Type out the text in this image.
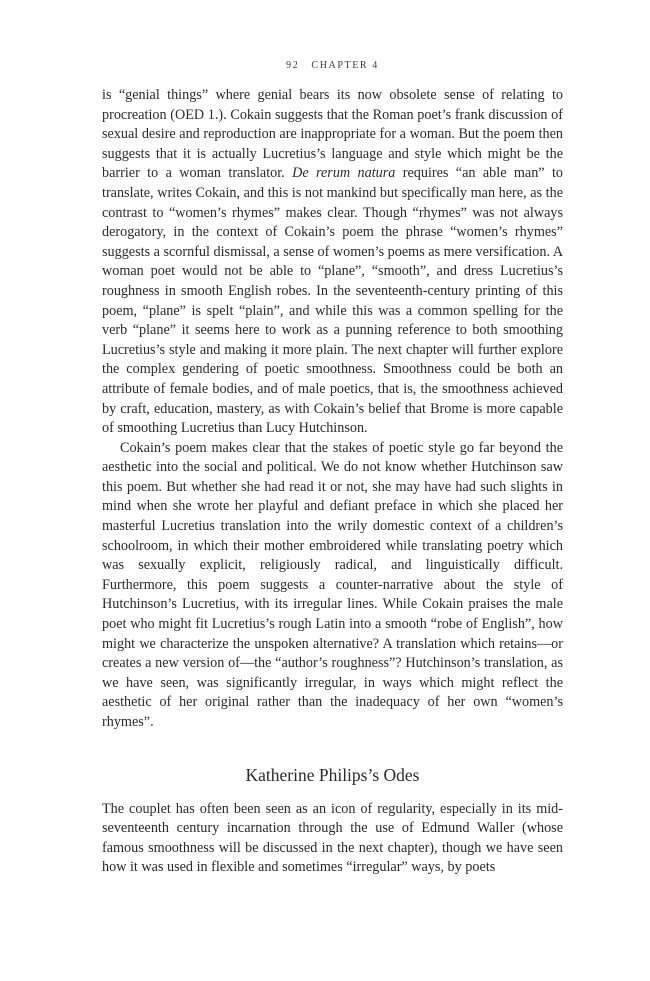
92 CHAPTER 4

is “genial things” where genial bears its now obsolete sense of relating to procreation (OED 1.). Cokain suggests that the Roman poet’s frank discussion of sexual desire and reproduction are inappropriate for a woman. But the poem then suggests that it is actually Lucretius’s language and style which might be the barrier to a woman translator. De rerum natura requires “an able man” to translate, writes Cokain, and this is not mankind but specifically man here, as the contrast to “women’s rhymes” makes clear. Though “rhymes” was not always derogatory, in the context of Cokain’s poem the phrase “women’s rhymes” suggests a scornful dismissal, a sense of women’s poems as mere versification. A woman poet would not be able to “plane”, “smooth”, and dress Lucretius’s roughness in smooth English robes. In the seventeenth-century printing of this poem, “plane” is spelt “plain”, and while this was a common spelling for the verb “plane” it seems here to work as a punning reference to both smoothing Lucretius’s style and making it more plain. The next chapter will further explore the complex gendering of poetic smoothness. Smoothness could be both an attribute of female bodies, and of male poetics, that is, the smoothness achieved by craft, education, mastery, as with Cokain’s belief that Brome is more capable of smoothing Lucretius than Lucy Hutchinson.

Cokain’s poem makes clear that the stakes of poetic style go far beyond the aesthetic into the social and political. We do not know whether Hutchinson saw this poem. But whether she had read it or not, she may have had such slights in mind when she wrote her playful and defiant preface in which she placed her masterful Lucretius translation into the wrily domestic context of a children’s schoolroom, in which their mother embroidered while translating poetry which was sexually explicit, religiously radical, and linguistically difficult. Furthermore, this poem suggests a counter-narrative about the style of Hutchinson’s Lucretius, with its irregular lines. While Cokain praises the male poet who might fit Lucretius’s rough Latin into a smooth “robe of English”, how might we characterize the unspoken alternative? A translation which retains—or creates a new version of—the “author’s roughness”? Hutchinson’s translation, as we have seen, was significantly irregular, in ways which might reflect the aesthetic of her original rather than the inadequacy of her own “women’s rhymes”.

Katherine Philips’s Odes

The couplet has often been seen as an icon of regularity, especially in its mid-seventeenth century incarnation through the use of Edmund Waller (whose famous smoothness will be discussed in the next chapter), though we have seen how it was used in flexible and sometimes “irregular” ways, by poets
